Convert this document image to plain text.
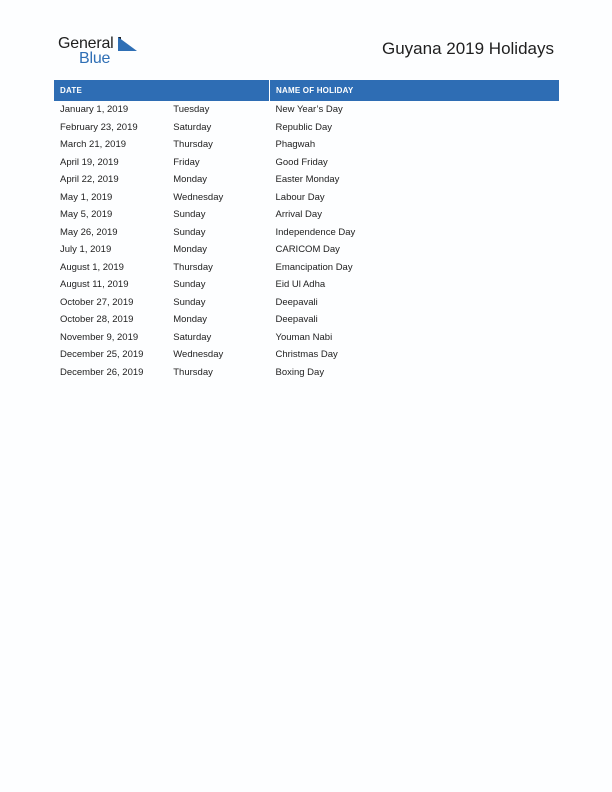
General
Blue
Guyana 2019 Holidays
DATE		NAME OF HOLIDAY
January 1, 2019	Tuesday	New Year’s Day
February 23, 2019	Saturday	Republic Day
March 21, 2019	Thursday	Phagwah
April 19, 2019	Friday	Good Friday
April 22, 2019	Monday	Easter Monday
May 1, 2019	Wednesday	Labour Day
May 5, 2019	Sunday	Arrival Day
May 26, 2019	Sunday	Independence Day
July 1, 2019	Monday	CARICOM Day
August 1, 2019	Thursday	Emancipation Day
August 11, 2019	Sunday	Eid Ul Adha
October 27, 2019	Sunday	Deepavali
October 28, 2019	Monday	Deepavali
November 9, 2019	Saturday	Youman Nabi
December 25, 2019	Wednesday	Christmas Day
December 26, 2019	Thursday	Boxing Day
